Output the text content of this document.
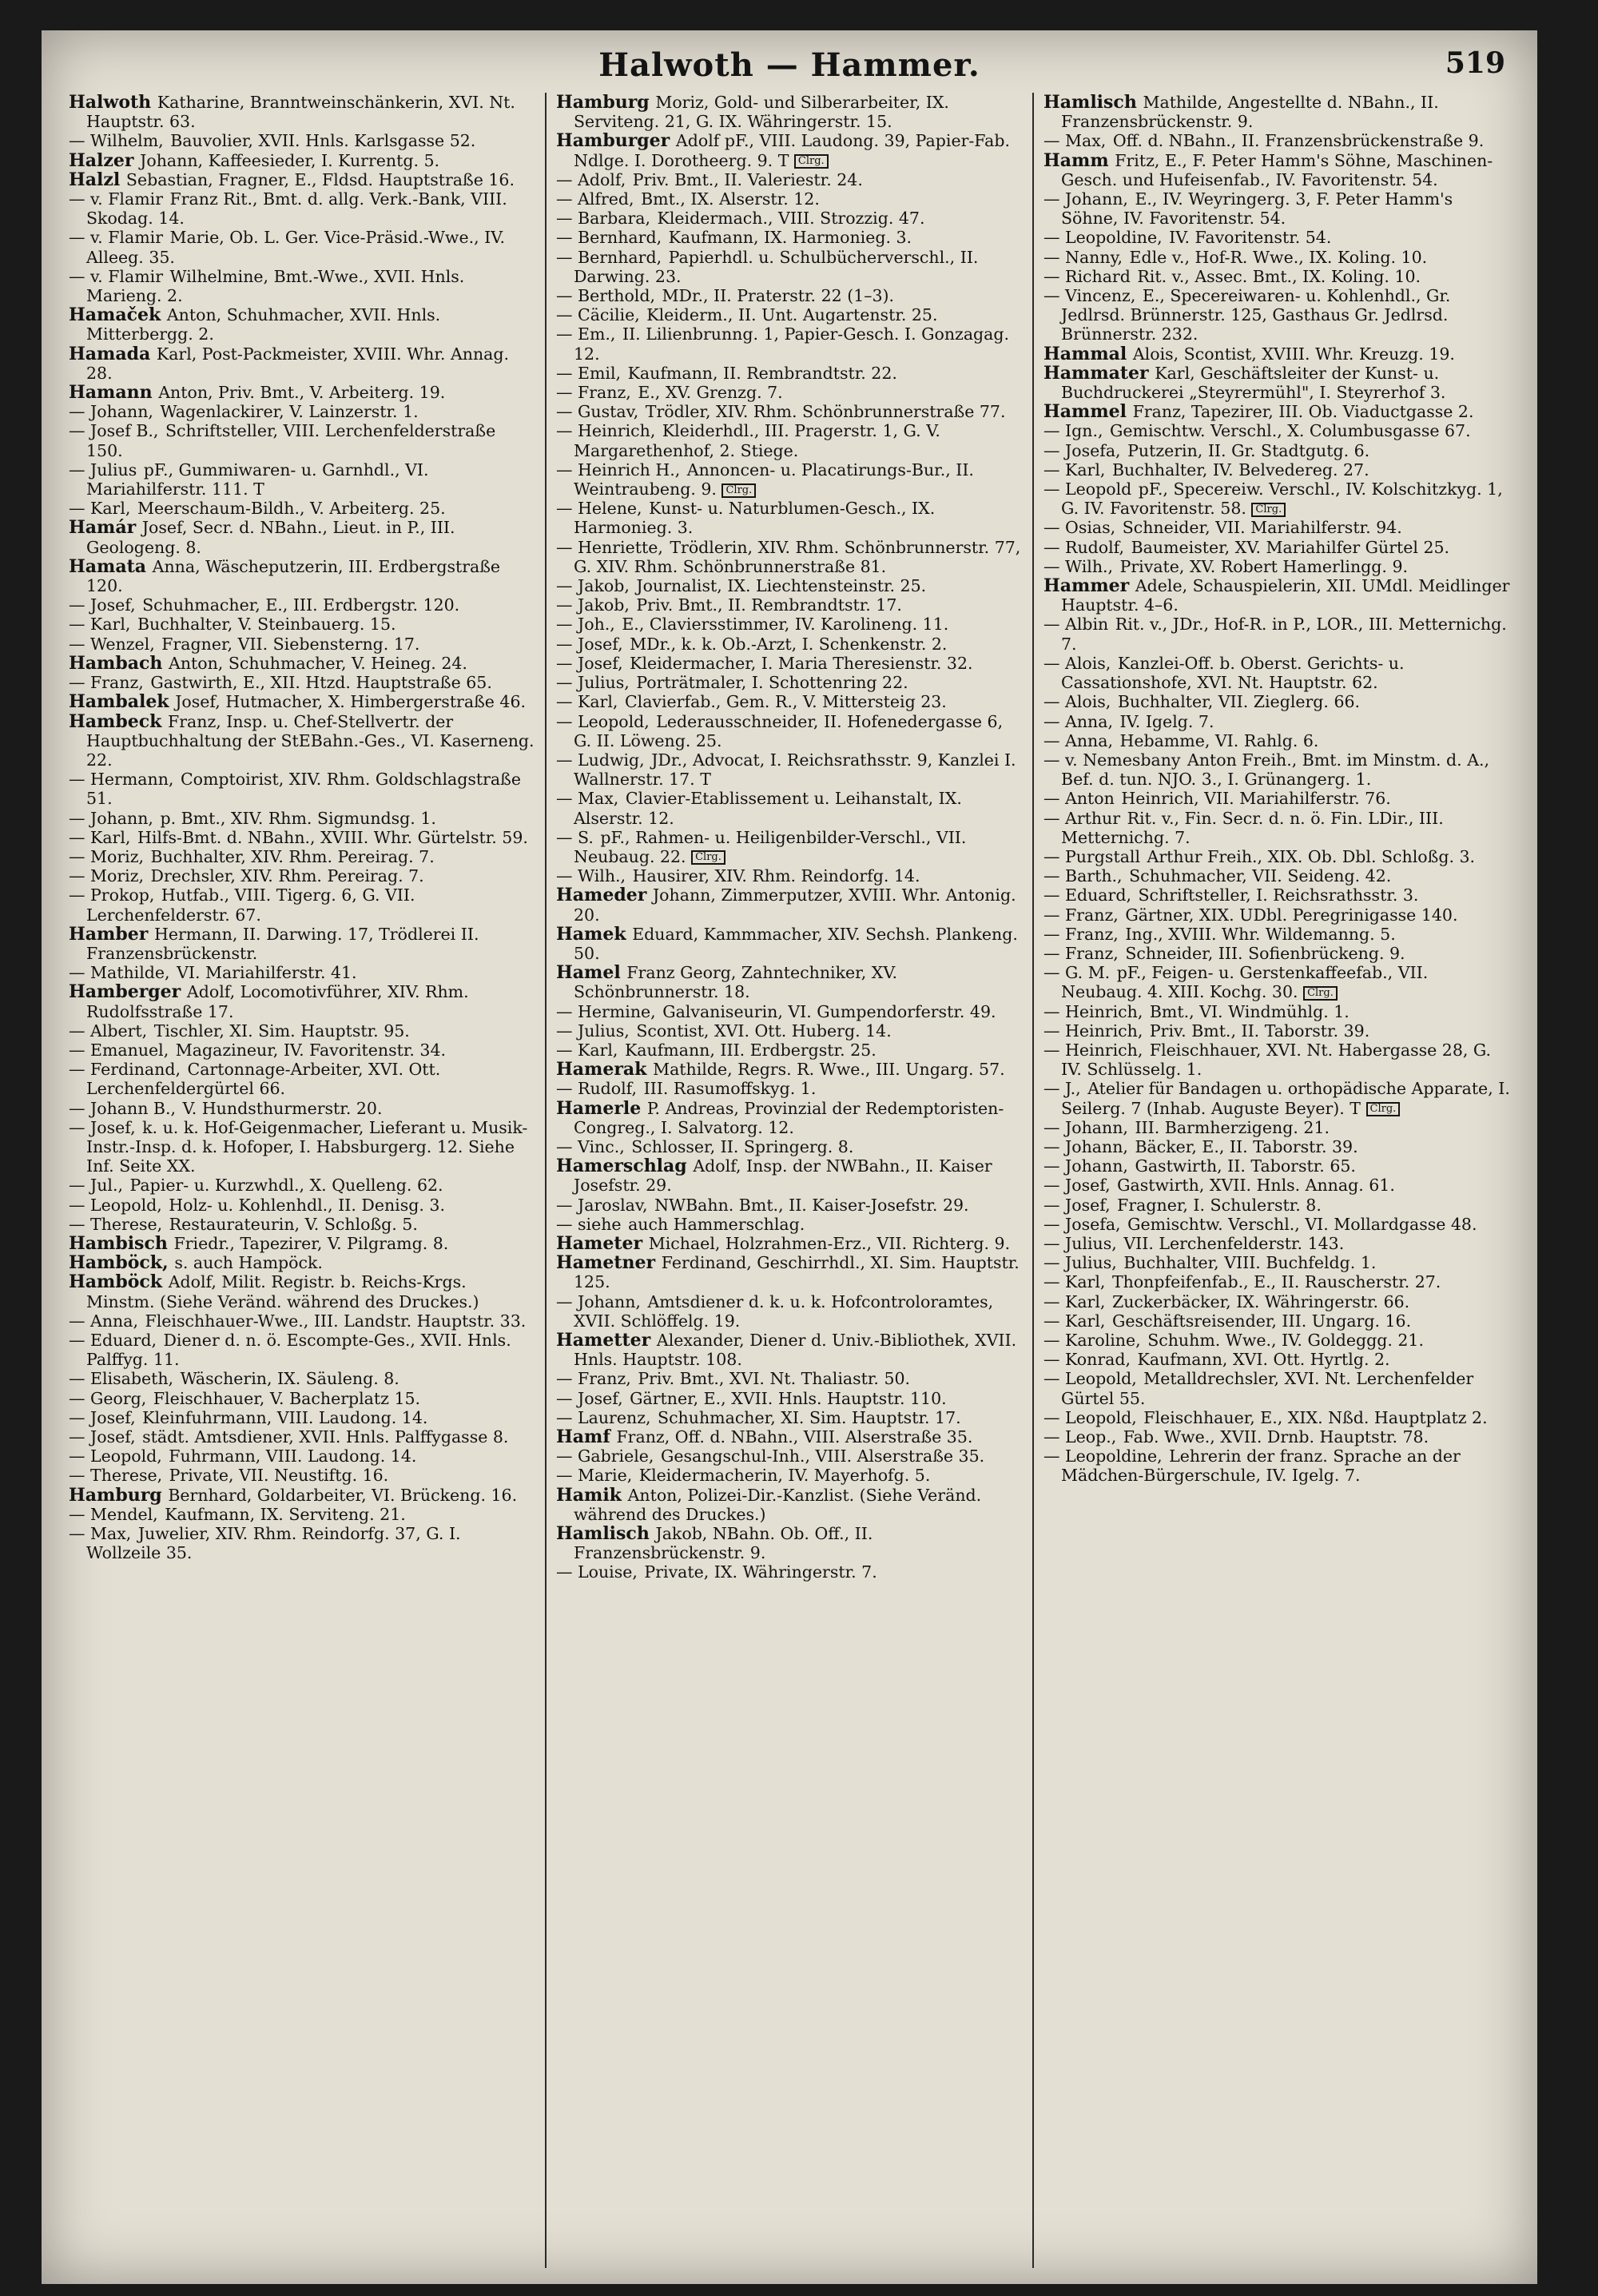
Halwoth — Hammer.	519
Halwoth Katharine, Branntweinschänkerin, XVI. Nt. Hauptstr. 63.
— Wilhelm, Bauvolier, XVII. Hnls. Karlsgasse 52.
Halzer Johann, Kaffeesieder, I. Kurrentg. 5.
Halzl Sebastian, Fragner, E., Fldsd. Hauptstraße 16.
— v. Flamir Franz Rit., Bmt. d. allg. Verk.-Bank, VIII. Skodag. 14.
— v. Flamir Marie, Ob. L. Ger. Vice-Präsid.-Wwe., IV. Alleeg. 35.
— v. Flamir Wilhelmine, Bmt.-Wwe., XVII. Hnls. Marieng. 2.
Hamaček Anton, Schuhmacher, XVII. Hnls. Mitterbergg. 2.
Hamada Karl, Post-Packmeister, XVIII. Whr. Annag. 28.
Hamann Anton, Priv. Bmt., V. Arbeiterg. 19.
— Johann, Wagenlackirer, V. Lainzerstr. 1.
— Josef B., Schriftsteller, VIII. Lerchenfelderstraße 150.
— Julius pF., Gummiwaren- u. Garnhdl., VI. Mariahilferstr. 111. T
— Karl, Meerschaum-Bildh., V. Arbeiterg. 25.
Hamár Josef, Secr. d. NBahn., Lieut. in P., III. Geologeng. 8.
Hamata Anna, Wäscheputzerin, III. Erdbergstraße 120.
— Josef, Schuhmacher, E., III. Erdbergstr. 120.
— Karl, Buchhalter, V. Steinbauerg. 15.
— Wenzel, Fragner, VII. Siebensterng. 17.
Hambach Anton, Schuhmacher, V. Heineg. 24.
— Franz, Gastwirth, E., XII. Htzd. Hauptstraße 65.
Hambalek Josef, Hutmacher, X. Himbergerstraße 46.
Hambeck Franz, Insp. u. Chef-Stellvertr. der Hauptbuchhaltung der StEBahn.-Ges., VI. Kaserneng. 22.
— Hermann, Comptoirist, XIV. Rhm. Goldschlagstraße 51.
— Johann, p. Bmt., XIV. Rhm. Sigmundsg. 1.
— Karl, Hilfs-Bmt. d. NBahn., XVIII. Whr. Gürtelstr. 59.
— Moriz, Buchhalter, XIV. Rhm. Pereirag. 7.
— Moriz, Drechsler, XIV. Rhm. Pereirag. 7.
— Prokop, Hutfab., VIII. Tigerg. 6, G. VII. Lerchenfelderstr. 67.
Hamber Hermann, II. Darwing. 17, Trödlerei II. Franzensbrückenstr.
— Mathilde, VI. Mariahilferstr. 41.
Hamberger Adolf, Locomotivführer, XIV. Rhm. Rudolfsstraße 17.
— Albert, Tischler, XI. Sim. Hauptstr. 95.
— Emanuel, Magazineur, IV. Favoritenstr. 34.
— Ferdinand, Cartonnage-Arbeiter, XVI. Ott. Lerchenfeldergürtel 66.
— Johann B., V. Hundsthurmerstr. 20.
— Josef, k. u. k. Hof-Geigenmacher, Lieferant u. Musik-Instr.-Insp. d. k. Hofoper, I. Habsburgerg. 12. Siehe Inf. Seite XX.
— Jul., Papier- u. Kurzwhdl., X. Quelleng. 62.
— Leopold, Holz- u. Kohlenhdl., II. Denisg. 3.
— Therese, Restaurateurin, V. Schloßg. 5.
Hambisch Friedr., Tapezirer, V. Pilgramg. 8.
Hamböck, s. auch Hampöck.
Hamböck Adolf, Milit. Registr. b. Reichs-Krgs. Minstm. (Siehe Veränd. während des Druckes.)
— Anna, Fleischhauer-Wwe., III. Landstr. Hauptstr. 33.
— Eduard, Diener d. n. ö. Escompte-Ges., XVII. Hnls. Palffyg. 11.
— Elisabeth, Wäscherin, IX. Säuleng. 8.
— Georg, Fleischhauer, V. Bacherplatz 15.
— Josef, Kleinfuhrmann, VIII. Laudong. 14.
— Josef, städt. Amtsdiener, XVII. Hnls. Palffygasse 8.
— Leopold, Fuhrmann, VIII. Laudong. 14.
— Therese, Private, VII. Neustiftg. 16.
Hamburg Bernhard, Goldarbeiter, VI. Brückeng. 16.
— Mendel, Kaufmann, IX. Serviteng. 21.
— Max, Juwelier, XIV. Rhm. Reindorfg. 37, G. I. Wollzeile 35.
Hamburg Moriz, Gold- und Silberarbeiter, IX. Serviteng. 21, G. IX. Währingerstr. 15.
Hamburger Adolf pF., VIII. Laudong. 39, Papier-Fab. Ndlge. I. Dorotheerg. 9. T Clrg.
— Adolf, Priv. Bmt., II. Valeriestr. 24.
— Alfred, Bmt., IX. Alserstr. 12.
— Barbara, Kleidermach., VIII. Strozzig. 47.
— Bernhard, Kaufmann, IX. Harmonieg. 3.
— Bernhard, Papierhdl. u. Schulbücherverschl., II. Darwing. 23.
— Berthold, MDr., II. Praterstr. 22 (1–3).
— Cäcilie, Kleiderm., II. Unt. Augartenstr. 25.
— Em., II. Lilienbrunng. 1, Papier-Gesch. I. Gonzagag. 12.
— Emil, Kaufmann, II. Rembrandtstr. 22.
— Franz, E., XV. Grenzg. 7.
— Gustav, Trödler, XIV. Rhm. Schönbrunnerstraße 77.
— Heinrich, Kleiderhdl., III. Pragerstr. 1, G. V. Margarethenhof, 2. Stiege.
— Heinrich H., Annoncen- u. Placatirungs-Bur., II. Weintraubeng. 9. Clrg.
— Helene, Kunst- u. Naturblumen-Gesch., IX. Harmonieg. 3.
— Henriette, Trödlerin, XIV. Rhm. Schönbrunnerstr. 77, G. XIV. Rhm. Schönbrunnerstraße 81.
— Jakob, Journalist, IX. Liechtensteinstr. 25.
— Jakob, Priv. Bmt., II. Rembrandtstr. 17.
— Joh., E., Claviersstimmer, IV. Karolineng. 11.
— Josef, MDr., k. k. Ob.-Arzt, I. Schenkenstr. 2.
— Josef, Kleidermacher, I. Maria Theresienstr. 32.
— Julius, Porträtmaler, I. Schottenring 22.
— Karl, Clavierfab., Gem. R., V. Mittersteig 23.
— Leopold, Lederausschneider, II. Hofenedergasse 6, G. II. Löweng. 25.
— Ludwig, JDr., Advocat, I. Reichsrathsstr. 9, Kanzlei I. Wallnerstr. 17. T
— Max, Clavier-Etablissement u. Leihanstalt, IX. Alserstr. 12.
— S. pF., Rahmen- u. Heiligenbilder-Verschl., VII. Neubaug. 22. Clrg.
— Wilh., Hausirer, XIV. Rhm. Reindorfg. 14.
Hameder Johann, Zimmerputzer, XVIII. Whr. Antonig. 20.
Hamek Eduard, Kammmacher, XIV. Sechsh. Plankeng. 50.
Hamel Franz Georg, Zahntechniker, XV. Schönbrunnerstr. 18.
— Hermine, Galvaniseurin, VI. Gumpendorferstr. 49.
— Julius, Scontist, XVI. Ott. Huberg. 14.
— Karl, Kaufmann, III. Erdbergstr. 25.
Hamerak Mathilde, Regrs. R. Wwe., III. Ungarg. 57.
— Rudolf, III. Rasumoffskyg. 1.
Hamerle P. Andreas, Provinzial der Redemptoristen-Congreg., I. Salvatorg. 12.
— Vinc., Schlosser, II. Springerg. 8.
Hamerschlag Adolf, Insp. der NWBahn., II. Kaiser Josefstr. 29.
— Jaroslav, NWBahn. Bmt., II. Kaiser-Josefstr. 29.
— siehe auch Hammerschlag.
Hameter Michael, Holzrahmen-Erz., VII. Richterg. 9.
Hametner Ferdinand, Geschirrhdl., XI. Sim. Hauptstr. 125.
— Johann, Amtsdiener d. k. u. k. Hofcontroloramtes, XVII. Schlöffelg. 19.
Hametter Alexander, Diener d. Univ.-Bibliothek, XVII. Hnls. Hauptstr. 108.
— Franz, Priv. Bmt., XVI. Nt. Thaliastr. 50.
— Josef, Gärtner, E., XVII. Hnls. Hauptstr. 110.
— Laurenz, Schuhmacher, XI. Sim. Hauptstr. 17.
Hamf Franz, Off. d. NBahn., VIII. Alserstraße 35.
— Gabriele, Gesangschul-Inh., VIII. Alserstraße 35.
— Marie, Kleidermacherin, IV. Mayerhofg. 5.
Hamik Anton, Polizei-Dir.-Kanzlist. (Siehe Veränd. während des Druckes.)
Hamlisch Jakob, NBahn. Ob. Off., II. Franzensbrückenstr. 9.
— Louise, Private, IX. Währingerstr. 7.
Hamlisch Mathilde, Angestellte d. NBahn., II. Franzensbrückenstr. 9.
— Max, Off. d. NBahn., II. Franzensbrückenstraße 9.
Hamm Fritz, E., F. Peter Hamm's Söhne, Maschinen-Gesch. und Hufeisenfab., IV. Favoritenstr. 54.
— Johann, E., IV. Weyringerg. 3, F. Peter Hamm's Söhne, IV. Favoritenstr. 54.
— Leopoldine, IV. Favoritenstr. 54.
— Nanny, Edle v., Hof-R. Wwe., IX. Koling. 10.
— Richard Rit. v., Assec. Bmt., IX. Koling. 10.
— Vincenz, E., Specereiwaren- u. Kohlenhdl., Gr. Jedlrsd. Brünnerstr. 125, Gasthaus Gr. Jedlrsd. Brünnerstr. 232.
Hammal Alois, Scontist, XVIII. Whr. Kreuzg. 19.
Hammater Karl, Geschäftsleiter der Kunst- u. Buchdruckerei „Steyrermühl", I. Steyrerhof 3.
Hammel Franz, Tapezirer, III. Ob. Viaductgasse 2.
— Ign., Gemischtw. Verschl., X. Columbusgasse 67.
— Josefa, Putzerin, II. Gr. Stadtgutg. 6.
— Karl, Buchhalter, IV. Belvedereg. 27.
— Leopold pF., Specereiw. Verschl., IV. Kolschitzkyg. 1, G. IV. Favoritenstr. 58. Clrg.
— Osias, Schneider, VII. Mariahilferstr. 94.
— Rudolf, Baumeister, XV. Mariahilfer Gürtel 25.
— Wilh., Private, XV. Robert Hamerlingg. 9.
Hammer Adele, Schauspielerin, XII. UMdl. Meidlinger Hauptstr. 4–6.
— Albin Rit. v., JDr., Hof-R. in P., LOR., III. Metternichg. 7.
— Alois, Kanzlei-Off. b. Oberst. Gerichts- u. Cassationshofe, XVI. Nt. Hauptstr. 62.
— Alois, Buchhalter, VII. Zieglerg. 66.
— Anna, IV. Igelg. 7.
— Anna, Hebamme, VI. Rahlg. 6.
— v. Nemesbany Anton Freih., Bmt. im Minstm. d. A., Bef. d. tun. NJO. 3., I. Grünangerg. 1.
— Anton Heinrich, VII. Mariahilferstr. 76.
— Arthur Rit. v., Fin. Secr. d. n. ö. Fin. LDir., III. Metternichg. 7.
— Purgstall Arthur Freih., XIX. Ob. Dbl. Schloßg. 3.
— Barth., Schuhmacher, VII. Seideng. 42.
— Eduard, Schriftsteller, I. Reichsrathsstr. 3.
— Franz, Gärtner, XIX. UDbl. Peregrinigasse 140.
— Franz, Ing., XVIII. Whr. Wildemanng. 5.
— Franz, Schneider, III. Sofienbrückeng. 9.
— G. M. pF., Feigen- u. Gerstenkaffeefab., VII. Neubaug. 4. XIII. Kochg. 30. Clrg.
— Heinrich, Bmt., VI. Windmühlg. 1.
— Heinrich, Priv. Bmt., II. Taborstr. 39.
— Heinrich, Fleischhauer, XVI. Nt. Habergasse 28, G. IV. Schlüsselg. 1.
— J., Atelier für Bandagen u. orthopädische Apparate, I. Seilerg. 7 (Inhab. Auguste Beyer). T Clrg.
— Johann, III. Barmherzigeng. 21.
— Johann, Bäcker, E., II. Taborstr. 39.
— Johann, Gastwirth, II. Taborstr. 65.
— Josef, Gastwirth, XVII. Hnls. Annag. 61.
— Josef, Fragner, I. Schulerstr. 8.
— Josefa, Gemischtw. Verschl., VI. Mollardgasse 48.
— Julius, VII. Lerchenfelderstr. 143.
— Julius, Buchhalter, VIII. Buchfeldg. 1.
— Karl, Thonpfeifenfab., E., II. Rauscherstr. 27.
— Karl, Zuckerbäcker, IX. Währingerstr. 66.
— Karl, Geschäftsreisender, III. Ungarg. 16.
— Karoline, Schuhm. Wwe., IV. Goldeggg. 21.
— Konrad, Kaufmann, XVI. Ott. Hyrtlg. 2.
— Leopold, Metalldrechsler, XVI. Nt. Lerchenfelder Gürtel 55.
— Leopold, Fleischhauer, E., XIX. Nßd. Hauptplatz 2.
— Leop., Fab. Wwe., XVII. Drnb. Hauptstr. 78.
— Leopoldine, Lehrerin der franz. Sprache an der Mädchen-Bürgerschule, IV. Igelg. 7.
